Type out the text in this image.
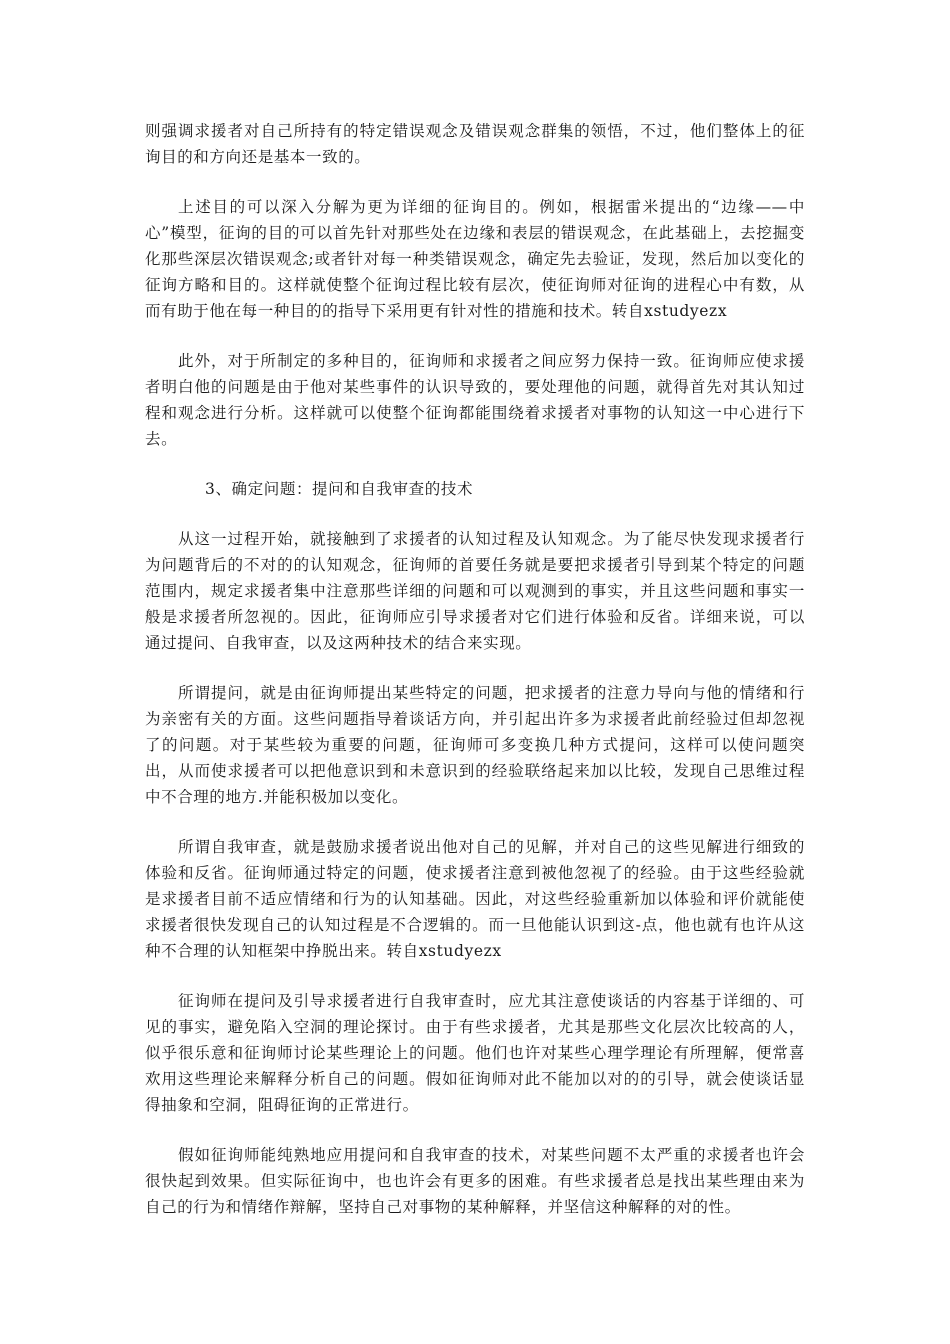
则强调求援者对自己所持有的特定错误观念及错误观念群集的领悟，不过，他们整体上的征询目的和方向还是基本一致的。

上述目的可以深入分解为更为详细的征询目的。例如，根据雷米提出的“边缘——中心”模型，征询的目的可以首先针对那些处在边缘和表层的错误观念，在此基础上，去挖掘变化那些深层次错误观念;或者针对每一种类错误观念，确定先去验证，发现，然后加以变化的征询方略和目的。这样就使整个征询过程比较有层次，使征询师对征询的进程心中有数，从而有助于他在每一种目的的指导下采用更有针对性的措施和技术。转自xstudyezx

此外，对于所制定的多种目的，征询师和求援者之间应努力保持一致。征询师应使求援者明白他的问题是由于他对某些事件的认识导致的，要处理他的问题，就得首先对其认知过程和观念进行分析。这样就可以使整个征询都能围绕着求援者对事物的认知这一中心进行下去。

3、确定问题：提问和自我审查的技术

从这一过程开始，就接触到了求援者的认知过程及认知观念。为了能尽快发现求援者行为问题背后的不对的的认知观念，征询师的首要任务就是要把求援者引导到某个特定的问题范围内，规定求援者集中注意那些详细的问题和可以观测到的事实，并且这些问题和事实一般是求援者所忽视的。因此，征询师应引导求援者对它们进行体验和反省。详细来说，可以通过提问、自我审查，以及这两种技术的结合来实现。

所谓提问，就是由征询师提出某些特定的问题，把求援者的注意力导向与他的情绪和行为亲密有关的方面。这些问题指导着谈话方向，并引起出许多为求援者此前经验过但却忽视了的问题。对于某些较为重要的问题，征询师可多变换几种方式提问，这样可以使问题突出，从而使求援者可以把他意识到和未意识到的经验联络起来加以比较，发现自己思维过程中不合理的地方.并能积极加以变化。

所谓自我审查，就是鼓励求援者说出他对自己的见解，并对自己的这些见解进行细致的体验和反省。征询师通过特定的问题，使求援者注意到被他忽视了的经验。由于这些经验就是求援者目前不适应情绪和行为的认知基础。因此，对这些经验重新加以体验和评价就能使求援者很快发现自己的认知过程是不合逻辑的。而一旦他能认识到这-点，他也就有也许从这种不合理的认知框架中挣脱出来。转自xstudyezx

征询师在提问及引导求援者进行自我审查时，应尤其注意使谈话的内容基于详细的、可见的事实，避免陷入空洞的理论探讨。由于有些求援者，尤其是那些文化层次比较高的人，似乎很乐意和征询师讨论某些理论上的问题。他们也许对某些心理学理论有所理解，便常喜欢用这些理论来解释分析自己的问题。假如征询师对此不能加以对的的引导，就会使谈话显得抽象和空洞，阻碍征询的正常进行。

假如征询师能纯熟地应用提问和自我审查的技术，对某些问题不太严重的求援者也许会很快起到效果。但实际征询中，也也许会有更多的困难。有些求援者总是找出某些理由来为自己的行为和情绪作辩解，坚持自己对事物的某种解释，并坚信这种解释的对的性。
